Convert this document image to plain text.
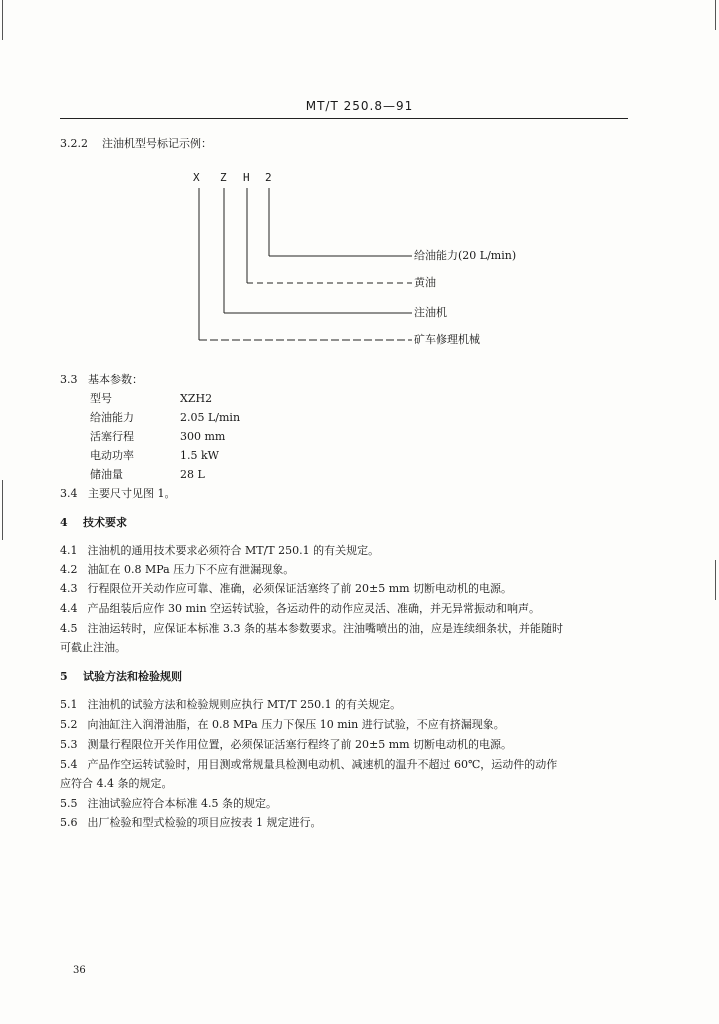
MT/T 250.8—91
3.2.2 注油机型号标记示例：
X Z H 2
给油能力(20 L/min)
黄油
注油机
矿车修理机械
3.3 基本参数：
型号	XZH2
给油能力	2.05 L/min
活塞行程	300 mm
电动功率	1.5 kW
储油量	28 L
3.4 主要尺寸见图 1。
4 技术要求
4.1 注油机的通用技术要求必须符合 MT/T 250.1 的有关规定。
4.2 油缸在 0.8 MPa 压力下不应有泄漏现象。
4.3 行程限位开关动作应可靠、准确，必须保证活塞终了前 20±5 mm 切断电动机的电源。
4.4 产品组装后应作 30 min 空运转试验，各运动件的动作应灵活、准确，并无异常振动和响声。
4.5 注油运转时，应保证本标准 3.3 条的基本参数要求。注油嘴喷出的油，应是连续细条状，并能随时
可截止注油。
5 试验方法和检验规则
5.1 注油机的试验方法和检验规则应执行 MT/T 250.1 的有关规定。
5.2 向油缸注入润滑油脂，在 0.8 MPa 压力下保压 10 min 进行试验，不应有挤漏现象。
5.3 测量行程限位开关作用位置，必须保证活塞行程终了前 20±5 mm 切断电动机的电源。
5.4 产品作空运转试验时，用目测或常规量具检测电动机、减速机的温升不超过 60℃，运动件的动作
应符合 4.4 条的规定。
5.5 注油试验应符合本标准 4.5 条的规定。
5.6 出厂检验和型式检验的项目应按表 1 规定进行。
36
